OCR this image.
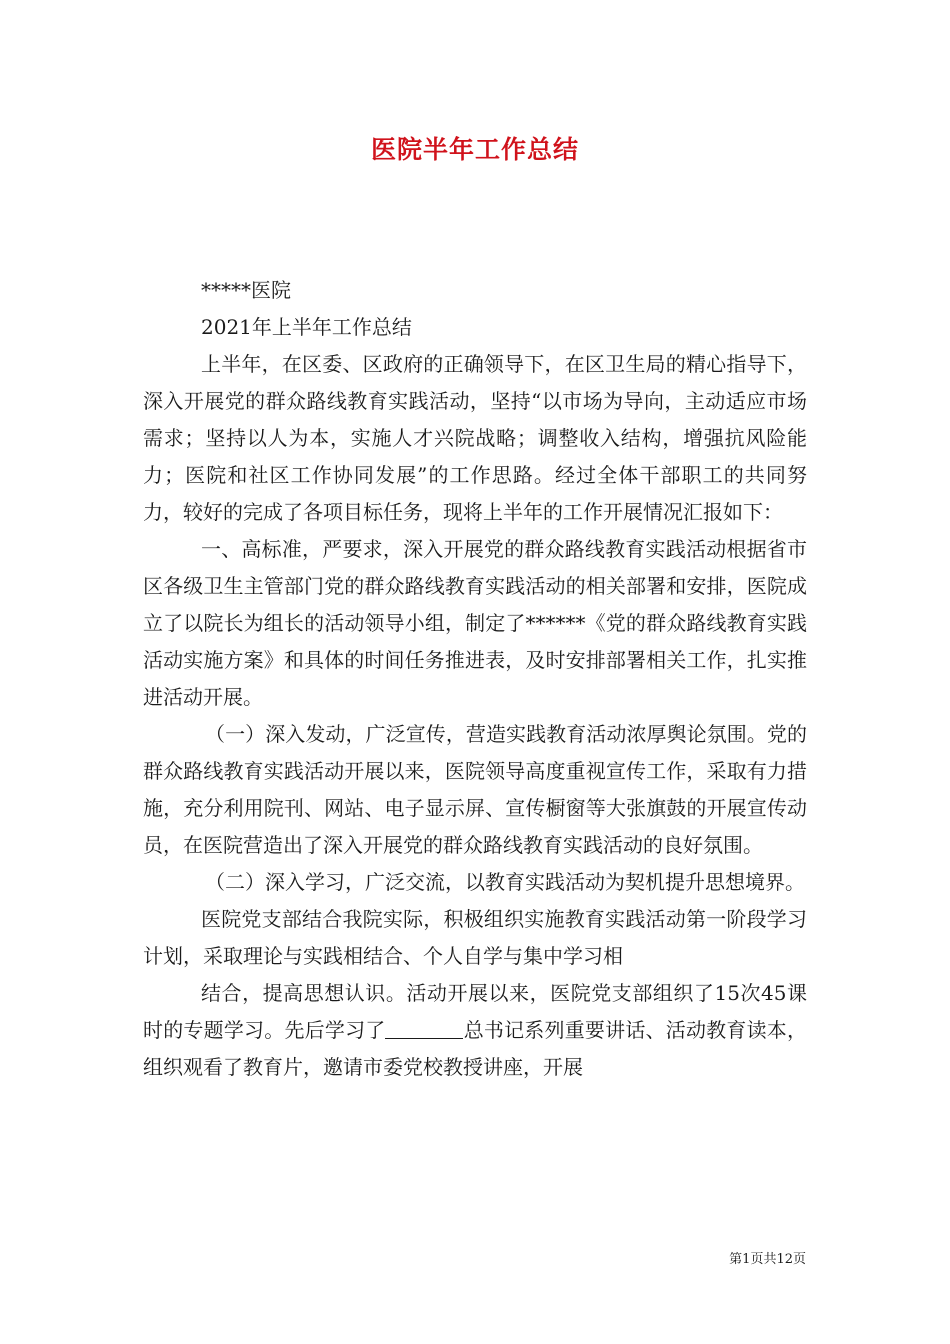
医院半年工作总结

*****医院

2021年上半年工作总结

上半年，在区委、区政府的正确领导下，在区卫生局的精心指导下，深入开展党的群众路线教育实践活动，坚持“以市场为导向，主动适应市场需求；坚持以人为本，实施人才兴院战略；调整收入结构，增强抗风险能力；医院和社区工作协同发展”的工作思路。经过全体干部职工的共同努力，较好的完成了各项目标任务，现将上半年的工作开展情况汇报如下：

一、高标准，严要求，深入开展党的群众路线教育实践活动根据省市区各级卫生主管部门党的群众路线教育实践活动的相关部署和安排，医院成立了以院长为组长的活动领导小组，制定了******《党的群众路线教育实践活动实施方案》和具体的时间任务推进表，及时安排部署相关工作，扎实推进活动开展。

（一）深入发动，广泛宣传，营造实践教育活动浓厚舆论氛围。党的群众路线教育实践活动开展以来，医院领导高度重视宣传工作，采取有力措施，充分利用院刊、网站、电子显示屏、宣传橱窗等大张旗鼓的开展宣传动员，在医院营造出了深入开展党的群众路线教育实践活动的良好氛围。

（二）深入学习，广泛交流，以教育实践活动为契机提升思想境界。

医院党支部结合我院实际，积极组织实施教育实践活动第一阶段学习计划，采取理论与实践相结合、个人自学与集中学习相

结合，提高思想认识。活动开展以来，医院党支部组织了15次45课时的专题学习。先后学习了	总书记系列重要讲话、活动教育读本，组织观看了教育片，邀请市委党校教授讲座，开展

第1页共12页
